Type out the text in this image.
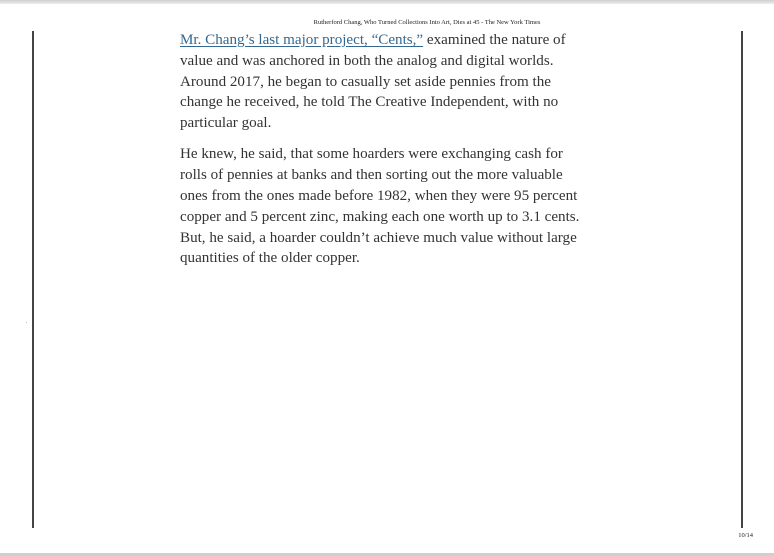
Rutherford Chang, Who Turned Collections Into Art, Dies at 45 - The New York Times

Mr. Chang’s last major project, “Cents,” examined the nature of value and was anchored in both the analog and digital worlds. Around 2017, he began to casually set aside pennies from the change he received, he told The Creative Independent, with no particular goal.

He knew, he said, that some hoarders were exchanging cash for rolls of pennies at banks and then sorting out the more valuable ones from the ones made before 1982, when they were 95 percent copper and 5 percent zinc, making each one worth up to 3.1 cents. But, he said, a hoarder couldn’t achieve much value without large quantities of the older copper.

10/14
